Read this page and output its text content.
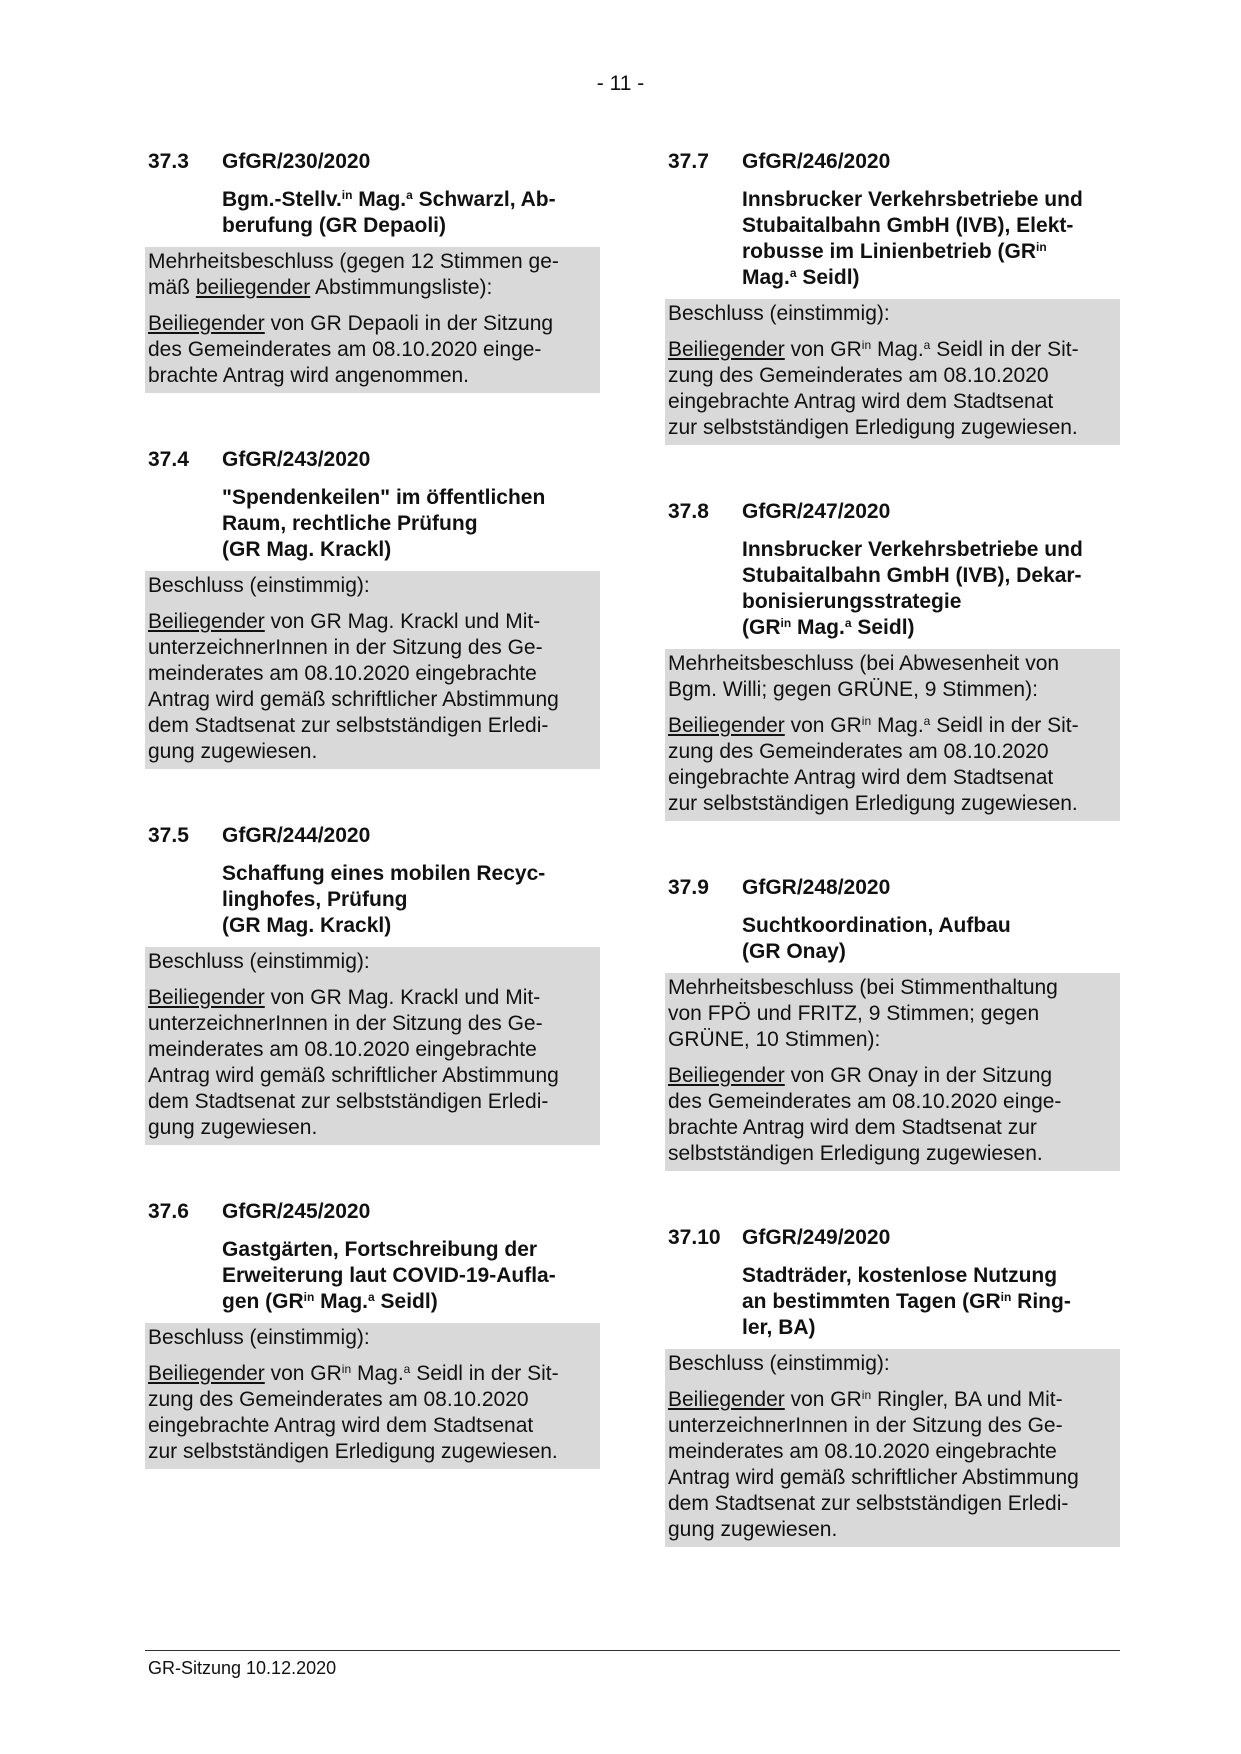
- 11 -
37.3	GfGR/230/2020
Bgm.-Stellv.$^{in}$ Mag.$^a$ Schwarzl, Ab-
berufung (GR Depaoli)

Mehrheitsbeschluss (gegen 12 Stimmen ge-
mäß beiliegender Abstimmungsliste):

Beiliegender von GR Depaoli in der Sitzung
des Gemeinderates am 08.10.2020 einge-
brachte Antrag wird angenommen.

37.4	GfGR/243/2020
"Spendenkeilen" im öffentlichen
Raum, rechtliche Prüfung
(GR Mag. Krackl)

Beschluss (einstimmig):

Beiliegender von GR Mag. Krackl und Mit-
unterzeichnerInnen in der Sitzung des Ge-
meinderates am 08.10.2020 eingebrachte
Antrag wird gemäß schriftlicher Abstimmung
dem Stadtsenat zur selbstständigen Erledi-
gung zugewiesen.

37.5	GfGR/244/2020
Schaffung eines mobilen Recyc-
linghofes, Prüfung
(GR Mag. Krackl)

Beschluss (einstimmig):

Beiliegender von GR Mag. Krackl und Mit-
unterzeichnerInnen in der Sitzung des Ge-
meinderates am 08.10.2020 eingebrachte
Antrag wird gemäß schriftlicher Abstimmung
dem Stadtsenat zur selbstständigen Erledi-
gung zugewiesen.

37.6	GfGR/245/2020
Gastgärten, Fortschreibung der
Erweiterung laut COVID-19-Aufla-
gen ($GR^{in}$ Mag.$^a$ Seidl)

Beschluss (einstimmig):

Beiliegender von $GR^{in}$ Mag.$^a$ Seidl in der Sit-
zung des Gemeinderates am 08.10.2020
eingebrachte Antrag wird dem Stadtsenat
zur selbstständigen Erledigung zugewiesen.

37.7	GfGR/246/2020
Innsbrucker Verkehrsbetriebe und
Stubaitalbahn GmbH (IVB), Elekt-
robusse im Linienbetrieb ($GR^{in}$
Mag.$^a$ Seidl)

Beschluss (einstimmig):

Beiliegender von $GR^{in}$ Mag.$^a$ Seidl in der Sit-
zung des Gemeinderates am 08.10.2020
eingebrachte Antrag wird dem Stadtsenat
zur selbstständigen Erledigung zugewiesen.

37.8	GfGR/247/2020
Innsbrucker Verkehrsbetriebe und
Stubaitalbahn GmbH (IVB), Dekar-
bonisierungsstrategie
($GR^{in}$ Mag.$^a$ Seidl)

Mehrheitsbeschluss (bei Abwesenheit von
Bgm. Willi; gegen GRÜNE, 9 Stimmen):

Beiliegender von $GR^{in}$ Mag.$^a$ Seidl in der Sit-
zung des Gemeinderates am 08.10.2020
eingebrachte Antrag wird dem Stadtsenat
zur selbstständigen Erledigung zugewiesen.

37.9	GfGR/248/2020
Suchtkoordination, Aufbau
(GR Onay)

Mehrheitsbeschluss (bei Stimmenthaltung
von FPÖ und FRITZ, 9 Stimmen; gegen
GRÜNE, 10 Stimmen):

Beiliegender von GR Onay in der Sitzung
des Gemeinderates am 08.10.2020 einge-
brachte Antrag wird dem Stadtsenat zur
selbstständigen Erledigung zugewiesen.

37.10	GfGR/249/2020
Stadträder, kostenlose Nutzung
an bestimmten Tagen ($GR^{in}$ Ring-
ler, BA)

Beschluss (einstimmig):

Beiliegender von $GR^{in}$ Ringler, BA und Mit-
unterzeichnerInnen in der Sitzung des Ge-
meinderates am 08.10.2020 eingebrachte
Antrag wird gemäß schriftlicher Abstimmung
dem Stadtsenat zur selbstständigen Erledi-
gung zugewiesen.

GR-Sitzung 10.12.2020
